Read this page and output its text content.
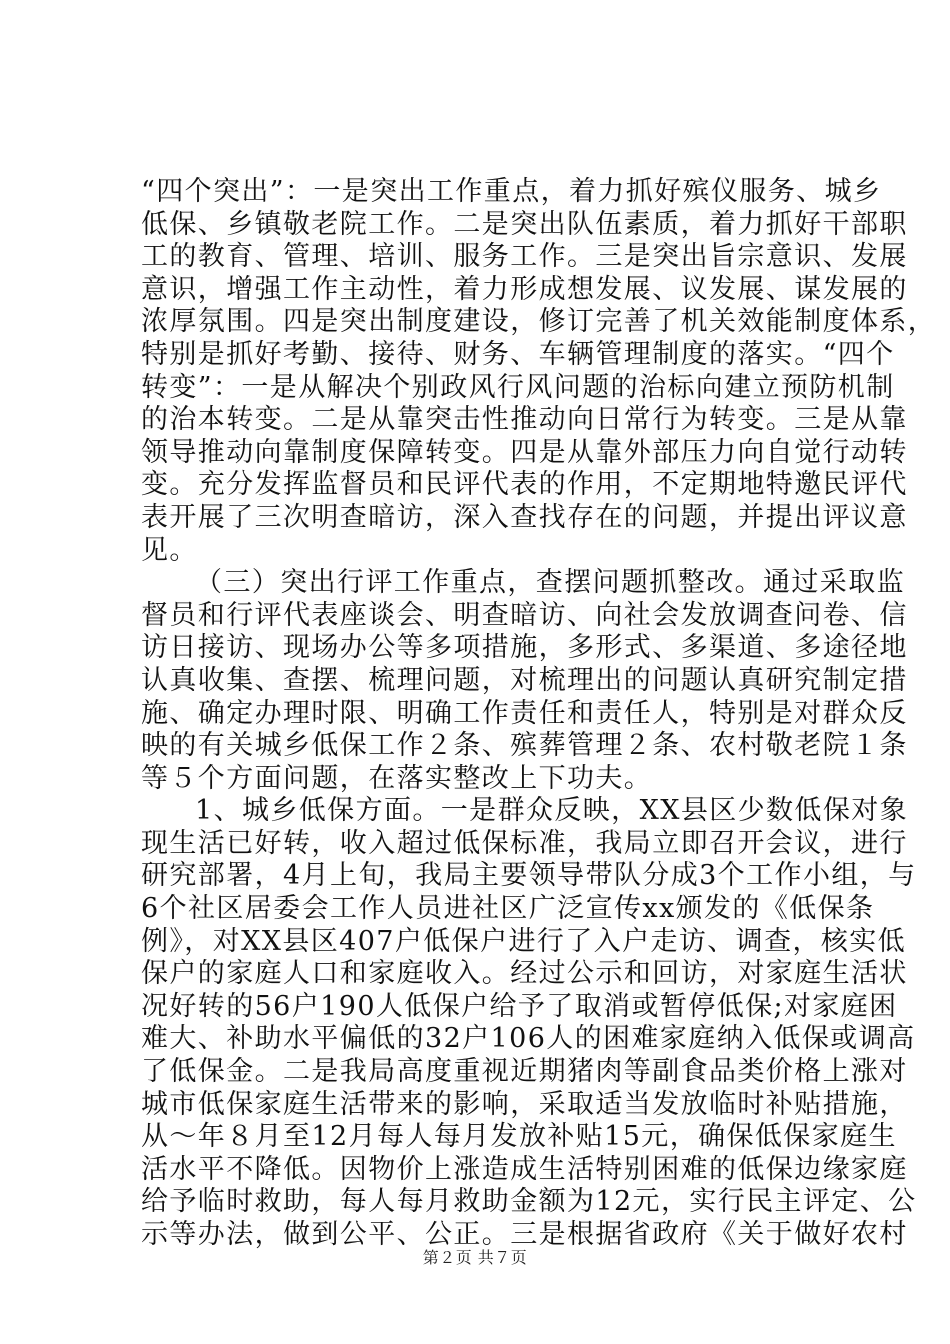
“四个突出”：一是突出工作重点，着力抓好殡仪服务、城乡
低保、乡镇敬老院工作。二是突出队伍素质，着力抓好干部职
工的教育、管理、培训、服务工作。三是突出旨宗意识、发展
意识，增强工作主动性，着力形成想发展、议发展、谋发展的
浓厚氛围。四是突出制度建设，修订完善了机关效能制度体系，
特别是抓好考勤、接待、财务、车辆管理制度的落实。“四个
转变”：一是从解决个别政风行风问题的治标向建立预防机制
的治本转变。二是从靠突击性推动向日常行为转变。三是从靠
领导推动向靠制度保障转变。四是从靠外部压力向自觉行动转
变。充分发挥监督员和民评代表的作用，不定期地特邀民评代
表开展了三次明查暗访，深入查找存在的问题，并提出评议意
见。
（三）突出行评工作重点，查摆问题抓整改。通过采取监
督员和行评代表座谈会、明查暗访、向社会发放调查问卷、信
访日接访、现场办公等多项措施，多形式、多渠道、多途径地
认真收集、查摆、梳理问题，对梳理出的问题认真研究制定措
施、确定办理时限、明确工作责任和责任人，特别是对群众反
映的有关城乡低保工作２条、殡葬管理２条、农村敬老院１条
等５个方面问题，在落实整改上下功夫。
1、城乡低保方面。一是群众反映，XX县区少数低保对象
现生活已好转，收入超过低保标准，我局立即召开会议，进行
研究部署，4月上旬，我局主要领导带队分成3个工作小组，与
6个社区居委会工作人员进社区广泛宣传xx颁发的《低保条
例》，对XX县区407户低保户进行了入户走访、调查，核实低
保户的家庭人口和家庭收入。经过公示和回访，对家庭生活状
况好转的56户190人低保户给予了取消或暂停低保;对家庭困
难大、补助水平偏低的32户106人的困难家庭纳入低保或调高
了低保金。二是我局高度重视近期猪肉等副食品类价格上涨对
城市低保家庭生活带来的影响，采取适当发放临时补贴措施，
从～年８月至12月每人每月发放补贴15元，确保低保家庭生
活水平不降低。因物价上涨造成生活特别困难的低保边缘家庭
给予临时救助，每人每月救助金额为12元，实行民主评定、公
示等办法，做到公平、公正。三是根据省政府《关于做好农村
第２页 共７页
